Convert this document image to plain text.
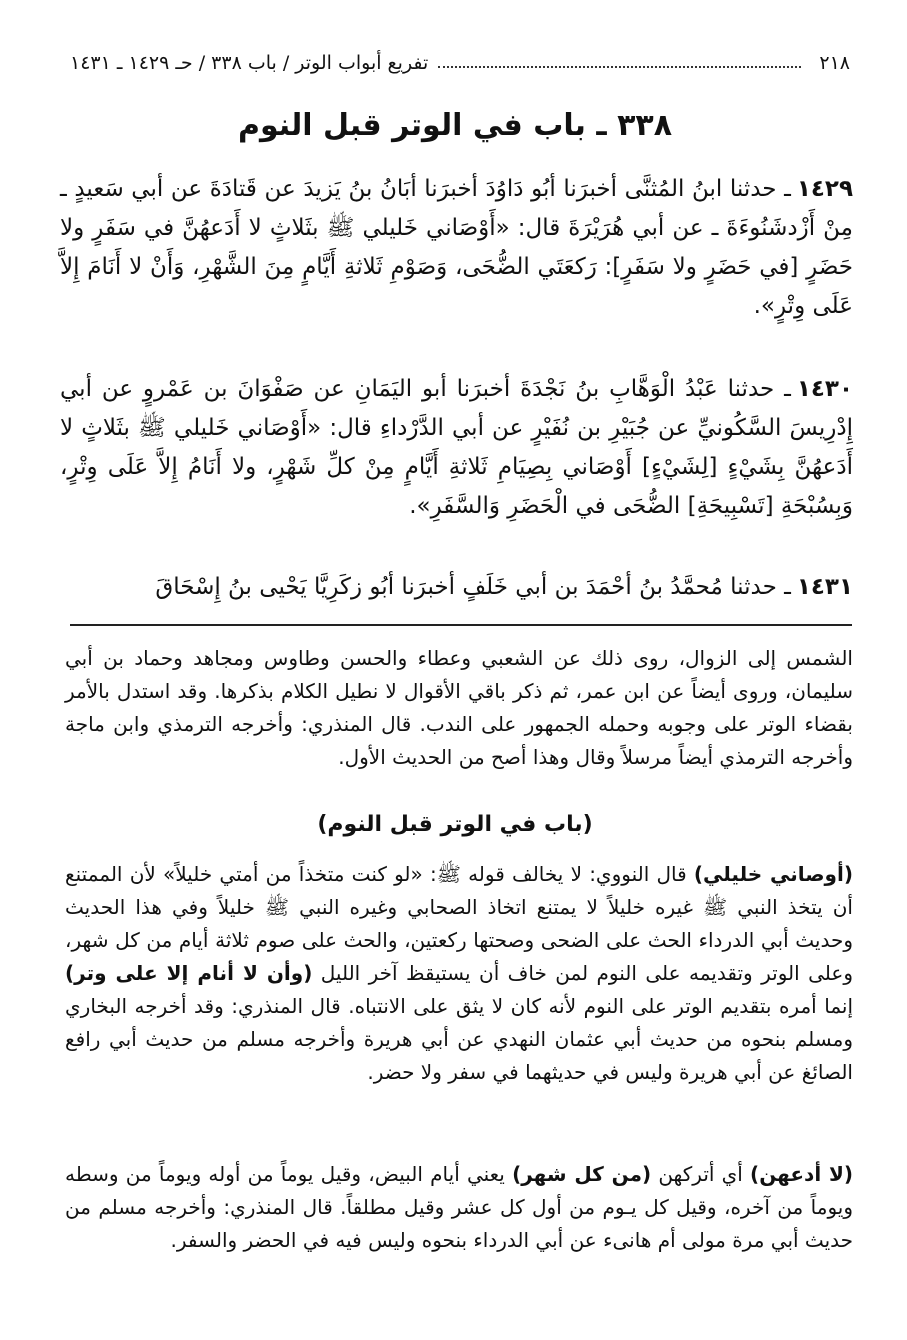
٢١٨
تفريع أبواب الوتر / باب ٣٣٨ / حـ ١٤٢٩ ـ ١٤٣١
٣٣٨ ـ باب في الوتر قبل النوم
١٤٢٩ـ حدثنا ابنُ المُثنَّى أخبرَنا أبُو دَاوُدَ أخبرَنا أبَانُ بنُ يَزيدَ عن قَتادَةَ عن أبي سَعيدٍ ـ مِنْ أَزْدشَنُوءَةَ ـ عن أبي هُرَيْرَةَ قال: «أَوْصَاني خَليلي ﷺ بثَلاثٍ لا أَدَعهُنَّ في سَفَرٍ ولا حَضَرٍ [في حَضَرٍ ولا سَفَرٍ]: رَكعَتَي الضُّحَى، وَصَوْمِ ثَلاثةِ أَيَّامٍ مِنَ الشَّهْرِ، وَأَنْ لا أَنَامَ إِلاَّ عَلَى وِتْرٍ».
١٤٣٠ـ حدثنا عَبْدُ الْوَهَّابِ بنُ نَجْدَةَ أخبرَنا أبو اليَمَانِ عن صَفْوَانَ بن عَمْروٍ عن أبي إِدْرِيسَ السَّكُونيِّ عن جُبَيْرِ بن نُفَيْرٍ عن أبي الدَّرْداءِ قال: «أَوْصَاني خَليلي ﷺ بثَلاثٍ لا أَدَعهُنَّ بِشَيْءٍ [لِشَيْءٍ] أَوْصَاني بِصِيَامِ ثَلاثةِ أَيَّامٍ مِنْ كلِّ شَهْرٍ، ولا أَنَامُ إِلاَّ عَلَى وِتْرٍ، وَبِسُبْحَةِ [تَسْبِيحَةِ] الضُّحَى في الْحَضَرِ وَالسَّفَرِ».
١٤٣١ـ حدثنا مُحمَّدُ بنُ أحْمَدَ بن أبي خَلَفٍ أخبرَنا أبُو زكَرِيَّا يَحْيى بنُ إِسْحَاقَ
الشمس إلى الزوال، روى ذلك عن الشعبي وعطاء والحسن وطاوس ومجاهد وحماد بن أبي سليمان، وروى أيضاً عن ابن عمر، ثم ذكر باقي الأقوال لا نطيل الكلام بذكرها. وقد استدل بالأمر بقضاء الوتر على وجوبه وحمله الجمهور على الندب. قال المنذري: وأخرجه الترمذي وابن ماجة وأخرجه الترمذي أيضاً مرسلاً وقال وهذا أصح من الحديث الأول.
(باب في الوتر قبل النوم)
(أوصاني خليلي) قال النووي: لا يخالف قوله ﷺ: «لو كنت متخذاً من أمتي خليلاً» لأن الممتنع أن يتخذ النبي ﷺ غيره خليلاً لا يمتنع اتخاذ الصحابي وغيره النبي ﷺ خليلاً وفي هذا الحديث وحديث أبي الدرداء الحث على الضحى وصحتها ركعتين، والحث على صوم ثلاثة أيام من كل شهر، وعلى الوتر وتقديمه على النوم لمن خاف أن يستيقظ آخر الليل (وأن لا أنام إلا على وتر) إنما أمره بتقديم الوتر على النوم لأنه كان لا يثق على الانتباه. قال المنذري: وقد أخرجه البخاري ومسلم بنحوه من حديث أبي عثمان النهدي عن أبي هريرة وأخرجه مسلم من حديث أبي رافع الصائغ عن أبي هريرة وليس في حديثهما في سفر ولا حضر.
(لا أدعهن) أي أتركهن (من كل شهر) يعني أيام البيض، وقيل يوماً من أوله ويوماً من وسطه ويوماً من آخره، وقيل كل يـوم من أول كل عشر وقيل مطلقاً. قال المنذري: وأخرجه مسلم من حديث أبي مرة مولى أم هانىء عن أبي الدرداء بنحوه وليس فيه في الحضر والسفر.
